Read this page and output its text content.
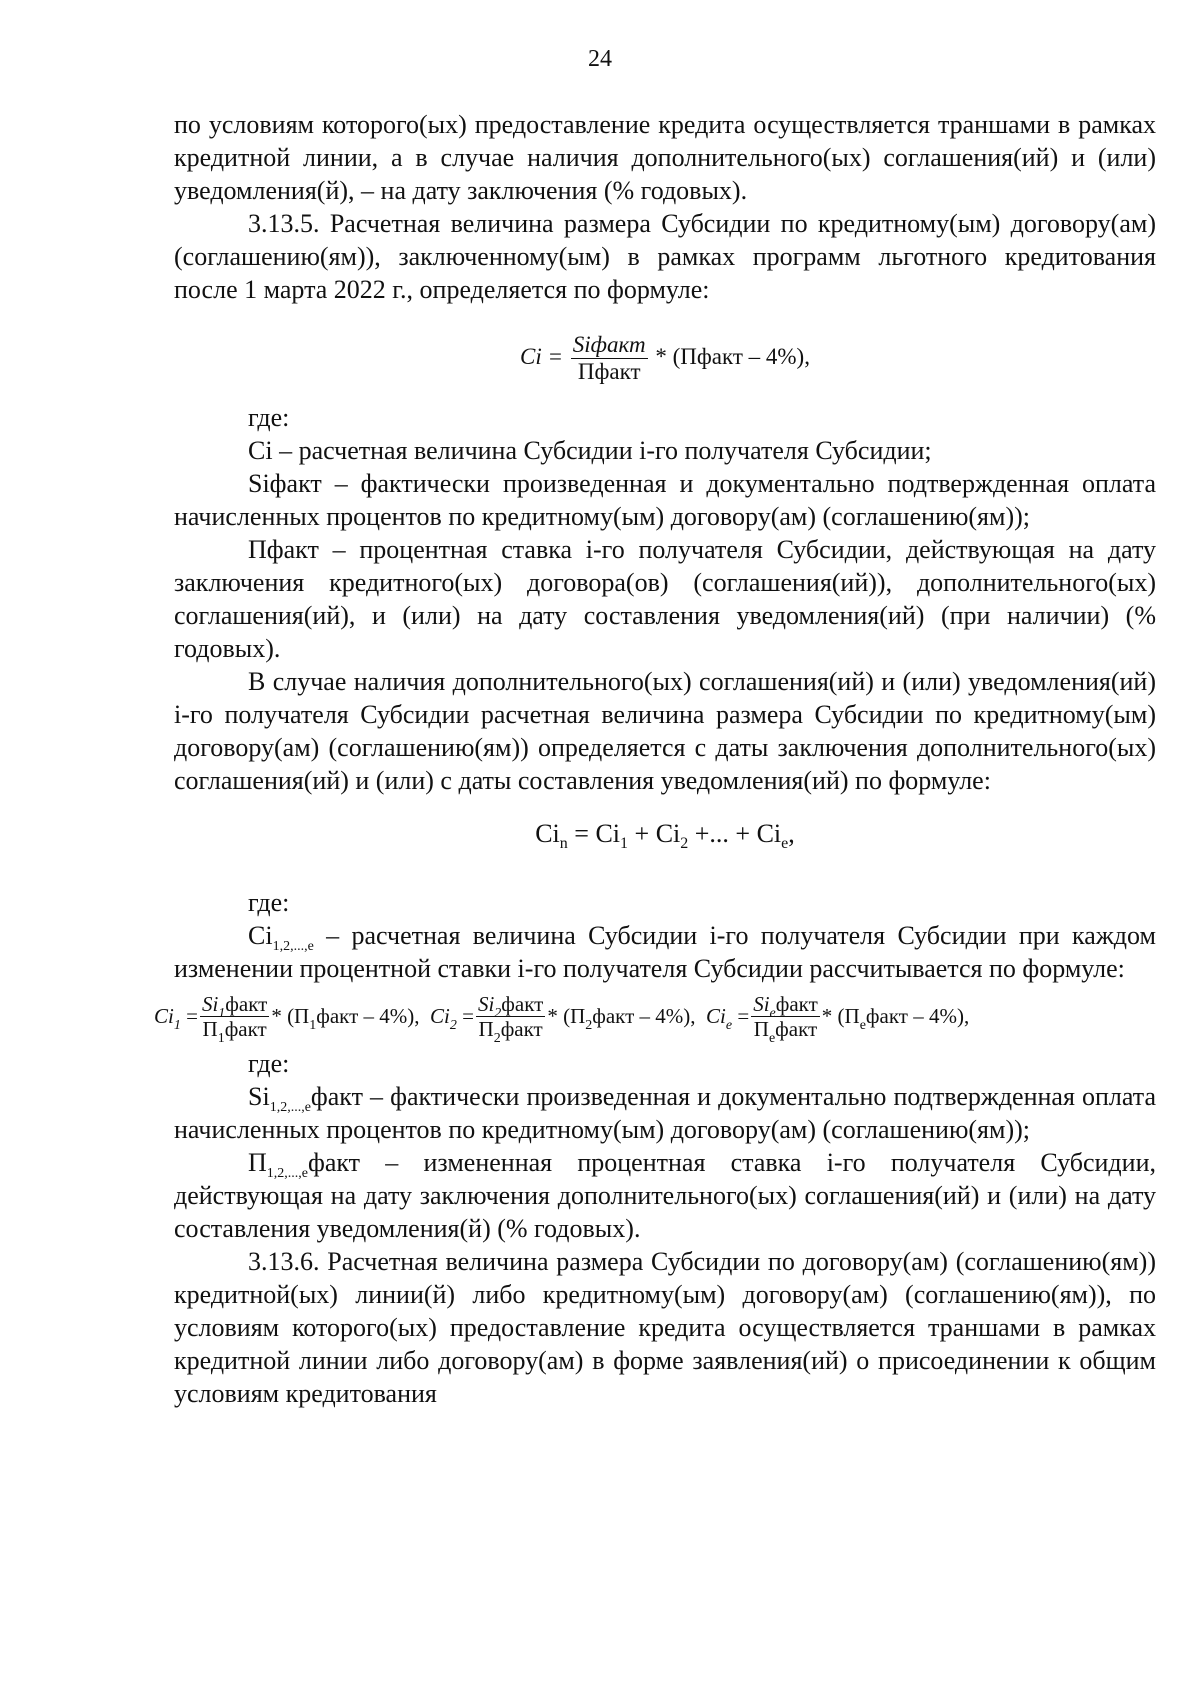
24

по условиям которого(ых) предоставление кредита осуществляется траншами в рамках кредитной линии, а в случае наличия дополнительного(ых) соглашения(ий) и (или) уведомления(й), – на дату заключения (% годовых).

3.13.5. Расчетная величина размера Субсидии по кредитному(ым) договору(ам) (соглашению(ям)), заключенному(ым) в рамках программ льготного кредитования после 1 марта 2022 г., определяется по формуле:

$Ci = \frac{\text{Siфакт}}{\text{Пфакт}}$ * (Пфакт – 4%),

где:

Ci – расчетная величина Субсидии i-го получателя Субсидии;

Siфакт – фактически произведенная и документально подтвержденная оплата начисленных процентов по кредитному(ым) договору(ам) (соглашению(ям));

Пфакт – процентная ставка i-го получателя Субсидии, действующая на дату заключения кредитного(ых) договора(ов) (соглашения(ий)), дополнительного(ых) соглашения(ий), и (или) на дату составления уведомления(ий) (при наличии) (% годовых).

В случае наличия дополнительного(ых) соглашения(ий) и (или) уведомления(ий) i-го получателя Субсидии расчетная величина размера Субсидии по кредитному(ым) договору(ам) (соглашению(ям)) определяется с даты заключения дополнительного(ых) соглашения(ий) и (или) с даты составления уведомления(ий) по формуле:

$Ci_n = Ci_1 + Ci_2$ +... + $Ci_e$,

где:

$Ci_{1,2,...,e}$ – расчетная величина Субсидии i-го получателя Субсидии при каждом изменении процентной ставки i-го получателя Субсидии рассчитывается по формуле:

$Ci_1 = \frac{Si_1факт}{П_1факт}$ * $(П_1факт - 4\%)$,
$Ci_2 = \frac{Si_2факт}{П_2факт}$ * $(П_2факт - 4\%)$,
$Ci_e = \frac{Si_eфакт}{П_eфакт}$ * $(П_eфакт - 4\%)$,

где:

$Si_{1,2,...,e}факт$ – фактически произведенная и документально подтвержденная оплата начисленных процентов по кредитному(ым) договору(ам) (соглашению(ям));

$П_{1,2,...,e}факт$ – измененная процентная ставка i-го получателя Субсидии, действующая на дату заключения дополнительного(ых) соглашения(ий) и (или) на дату составления уведомления(й) (% годовых).

3.13.6. Расчетная величина размера Субсидии по договору(ам) (соглашению(ям)) кредитной(ых) линии(й) либо кредитному(ым) договору(ам) (соглашению(ям)), по условиям которого(ых) предоставление кредита осуществляется траншами в рамках кредитной линии либо договору(ам) в форме заявления(ий) о присоединении к общим условиям кредитования
